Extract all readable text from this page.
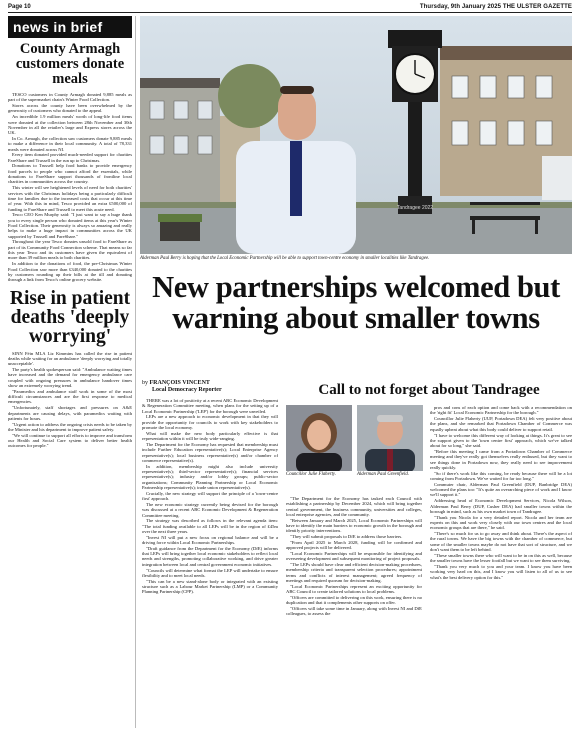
Page 10	Thursday, 9th January 2025 THE ULSTER GAZETTE
news in brief
County Armagh customers donate meals

TESCO customers in County Armagh donated 9,885 meals as part of the supermarket chain's Winter Food Collection.

Stores across the county have been overwhelmed by the generosity of customers who donated to the appeal.

An incredible 1.9 million meals' worth of long-life food items were donated at the collection between 28th November and 30th November in all the retailer's large and Express stores across the UK.

In Co. Armagh, the collection saw customers donate 9,885 meals to make a difference in their local community. A total of 78,331 meals were donated across NI.

Every item donated provided much-needed support for charities FareShare and Trussell in the run up to Christmas.

Donations to Trussell help food banks to provide emergency food parcels to people who cannot afford the essentials, while donations to FareShare support thousands of frontline local charities in communities across the country.

This winter will see heightened levels of need for both charities' services with the Christmas holidays being a particularly difficult time for families due to the increased costs that occur at this time of year. With this in mind, Tesco provided an extra £500,000 of funding to FareShare and Trussell to meet this acute need.

Tesco CEO Ken Murphy said: "I just want to say a huge thank you to every single person who donated items at this year's Winter Food Collection. Their generosity is always so amazing and really helps to make a huge impact in communities across the UK supported by Trussell and FareShare."

Throughout the year Tesco donates unsold food to FareShare as part of its Community Food Connection scheme. That means so far this year Tesco and its customers have given the equivalent of more than 39 million meals to both charities.

In addition to the donations of food, the pre-Christmas Winter Food Collection saw more than £340,000 donated to the charities by customers rounding up their bills at the till and donating through a link from Tesco's online grocery website.

Rise in patient deaths 'deeply worrying'

SINN Féin MLA Liz Kimmins has called the rise in patient deaths while waiting for an ambulance 'deeply worrying and totally unacceptable'.

The party's health spokesperson said: "Ambulance waiting times have increased and the demand for emergency ambulance care coupled with ongoing pressures in ambulance handover times show an extremely worrying trend.

"Paramedics and ambulance staff work in some of the most difficult circumstances and are the first response to medical emergencies.

"Unfortunately, staff shortages and pressures on A&E departments are causing delays, with paramedics waiting with patients for hours.

"Urgent action to address the ongoing crisis needs to be taken by the Minister and his department to improve patient safety.

"We will continue to support all efforts to improve and transform our Health and Social Care system to deliver better health outcomes for people."

Tandragee 2022
Alderman Paul Berry is hoping that the Local Economic Partnership will be able to support town-centre economy in smaller localities like Tandragee.
New partnerships welcomed but warning about smaller towns
by FRANÇOIS VINCENT
Local Democracy Reporter

THERE was a lot of positivity at a recent ABC Economic Development & Regeneration Committee meeting, when plans for the setting up of a Local Economic Partnership ('LEP') for the borough were unveiled.

LEPs are a new approach to economic development in that they will provide the opportunity for councils to work with key stakeholders to promote the local economy.

What will make the new body particularly effective is that representation within it will be truly wide-ranging.

The Department for the Economy has requested that membership must include Further Education representative(s); Local Enterprise Agency representative(s); local business representative(s) and/or chamber of commerce representative(s).

In addition, membership might also include university representative(s); third-sector representative(s); financial services representative(s); industry and/or lobby groups; public-sector organisations; Community Planning Partnership or Local Economic Partnership representative(s); trade union representative(s).

Crucially, the new strategy will support the principle of a 'town-centre first' approach.

The new economic strategy currently being devised for the borough was discussed at a recent ABC Economic Development & Regeneration Committee meeting.

The strategy was described as follows in the relevant agenda item: "The total funding available to all LEPs will be in the region of £45m over the next three years.

"Invest NI will put a new focus on regional balance and will be a driving force within Local Economic Partnerships.

"Draft guidance from the Department for the Economy (DfE) informs that LEPs will bring together local economic stakeholders to reflect local needs and strengths, promoting collaborative working, and drive greater integration between local and central government economic initiatives.

"Councils will determine what format the LEP will undertake to ensure flexibility and to meet local needs.

"This can be a new stand-alone body or integrated with an existing structure such as a Labour Market Partnership (LMP) or a Community Planning Partnership (CPP).

Call to not forget about Tandragee
Councillor Julie Flaherty.	Alderman Paul Greenfield.

"The Department for the Economy has tasked each Council with establishing a partnership by December 2024, which will bring together central government, the business community, universities and colleges, local enterprise agencies, and the community.

"Between January and March 2025, Local Economic Partnerships will have to identify the main barriers to economic growth in the borough and identify priority interventions.

"They will submit proposals to DfE to address those barriers.

"From April 2025 to March 2028, funding will be confirmed and approved projects will be delivered.

"Local Economic Partnerships will be responsible for identifying and overseeing development and subsequent monitoring of project proposals.

"The LEPs should have clear and efficient decision-making procedures, membership criteria and transparent selection procedures; appointment terms and conflicts of interest management; agreed frequency of meetings and required quorum for decision-making.

"Local Economic Partnerships represent an exciting opportunity for ABC Council to create tailored solutions to local problems.

"Officers are committed to delivering on this work, ensuring there is no duplication and that it complements other supports on offer.

"Officers will take some time in January, along with Invest NI and DfE colleagues, to assess the

pros and cons of each option and come back with a recommendation on the 'right fit' Local Economic Partnership for the borough."

Councillor Julie Flaherty (UUP, Portadown DEA) felt very positive about the plans, and she remarked that Portadown Chamber of Commerce was equally upbeat about what this body could deliver to support retail.

"I have to welcome this different way of looking at things. It's great to see the support given to the 'town centre first' approach, which we've talked about for so long," she said.

"Before this meeting I came from a Portadown Chamber of Commerce meeting and they've really got themselves really enthused, but they want to see things done in Portadown now, they really need to see improvement really quickly.

"So if there's work like this coming, be ready because there will be a lot coming from Portadown. We've waited for far too long."

Commuter chair, Alderman Paul Greenfield (DUP, Banbridge DEA) welcomed the plans too: "It's quite an overarching piece of work and I know we'll support it."

Addressing head of Economic Development Services, Nicola Wilson, Alderman Paul Berry (DUP, Cusher DEA) had smaller towns within the borough in mind, such as his own market town of Tandragee.

"Thank you Nicola for a very detailed report. Nicola and her team are experts on this and work very closely with our town centres and the local economic groups that are there," he said.

"There's so much for us to go away and think about. There's the aspect of the rural towns. We have the big towns with the chamber of commerce, but some of the smaller towns maybe do not have that sort of structure, and we don't want them to be left behind.

"These smaller towns there who will want to be in on this as well, because the smaller towns have the lesser footfall but we want to see them surviving.

"Thank you very much to you and your team. I know you have been working very hard on this, and I know you will listen to all of us to see what's the best delivery option for this."
